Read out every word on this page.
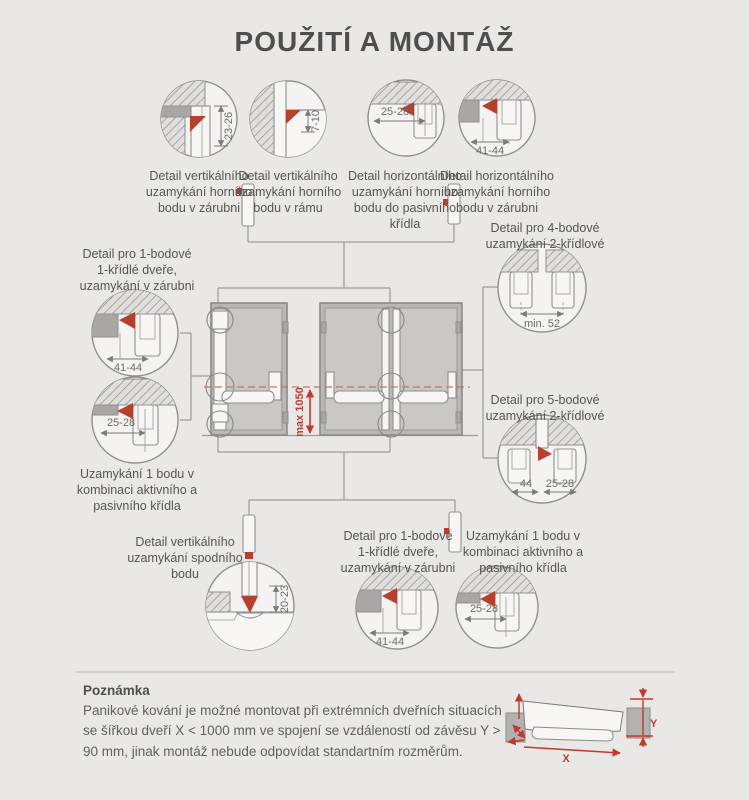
POUŽITÍ A MONTÁŽ
max 1050
23-26	7-10	25-28
41-44
41-44
25-28
min. 52
44 25-28
20-23
41-44
25-28
X
Y
Detail vertikálního uzamykání horního bodu v zárubni
Detail vertikálního uzamykání horního bodu v rámu
Detail horizontálního uzamykání horního bodu do pasivního křídla
Detail horizontálního uzamykání horního bodu v zárubni
Detail pro 1-bodové 1-křídlé dveře, uzamykání v zárubni
Uzamykání 1 bodu v kombinaci aktivního a pasivního křídla
Detail pro 4-bodové uzamykání 2-křídlové
Detail pro 5-bodové uzamykání 2-křídlové
Detail vertikálního uzamykání spodního bodu
Detail pro 1-bodové 1-křídlé dveře, uzamykání v zárubni
Uzamykání 1 bodu v kombinaci aktivního a pasivního křídla
Poznámka
Panikové kování je možné montovat při extrémních dveřních situacích se šířkou dveří X < 1000 mm ve spojení se vzdáleností od závěsu Y > 90 mm, jinak montáž nebude odpovídat standartním rozměrům.
